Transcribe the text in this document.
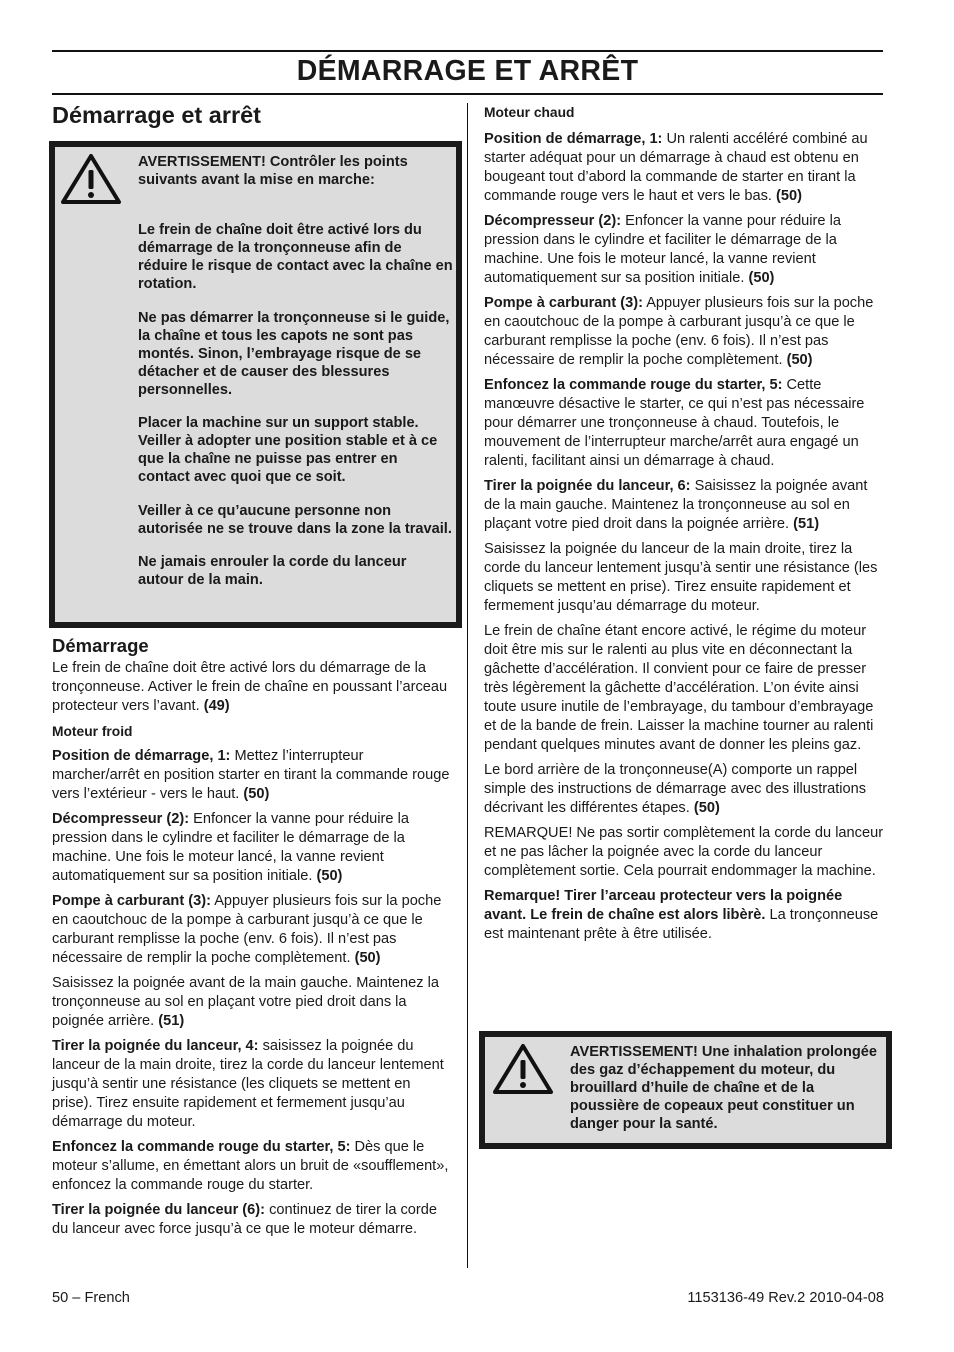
DÉMARRAGE ET ARRÊT
Démarrage et arrêt

AVERTISSEMENT! Contrôler les points suivants avant la mise en marche:

Le frein de chaîne doit être activé lors du démarrage de la tronçonneuse afin de réduire le risque de contact avec la chaîne en rotation.

Ne pas démarrer la tronçonneuse si le guide, la chaîne et tous les capots ne sont pas montés. Sinon, l’embrayage risque de se détacher et de causer des blessures personnelles.

Placer la machine sur un support stable. Veiller à adopter une position stable et à ce que la chaîne ne puisse pas entrer en contact avec quoi que ce soit.

Veiller à ce qu’aucune personne non autorisée ne se trouve dans la zone la travail.

Ne jamais enrouler la corde du lanceur autour de la main.

Démarrage

Le frein de chaîne doit être activé lors du démarrage de la tronçonneuse. Activer le frein de chaîne en poussant l’arceau protecteur vers l’avant. (49)

Moteur froid

Position de démarrage, 1: Mettez l’interrupteur marcher/arrêt en position starter en tirant la commande rouge vers l’extérieur - vers le haut. (50)

Décompresseur (2): Enfoncer la vanne pour réduire la pression dans le cylindre et faciliter le démarrage de la machine. Une fois le moteur lancé, la vanne revient automatiquement sur sa position initiale. (50)

Pompe à carburant (3): Appuyer plusieurs fois sur la poche en caoutchouc de la pompe à carburant jusqu’à ce que le carburant remplisse la poche (env. 6 fois). Il n’est pas nécessaire de remplir la poche complètement. (50)

Saisissez la poignée avant de la main gauche. Maintenez la tronçonneuse au sol en plaçant votre pied droit dans la poignée arrière. (51)

Tirer la poignée du lanceur, 4: saisissez la poignée du lanceur de la main droite, tirez la corde du lanceur lentement jusqu’à sentir une résistance (les cliquets se mettent en prise). Tirez ensuite rapidement et fermement jusqu’au démarrage du moteur.

Enfoncez la commande rouge du starter, 5: Dès que le moteur s’allume, en émettant alors un bruit de «soufflement», enfoncez la commande rouge du starter.

Tirer la poignée du lanceur (6): continuez de tirer la corde du lanceur avec force jusqu’à ce que le moteur démarre.

Moteur chaud

Position de démarrage, 1: Un ralenti accéléré combiné au starter adéquat pour un démarrage à chaud est obtenu en bougeant tout d’abord la commande de starter en tirant la commande rouge vers le haut et vers le bas. (50)

Décompresseur (2): Enfoncer la vanne pour réduire la pression dans le cylindre et faciliter le démarrage de la machine. Une fois le moteur lancé, la vanne revient automatiquement sur sa position initiale. (50)

Pompe à carburant (3): Appuyer plusieurs fois sur la poche en caoutchouc de la pompe à carburant jusqu’à ce que le carburant remplisse la poche (env. 6 fois). Il n’est pas nécessaire de remplir la poche complètement. (50)

Enfoncez la commande rouge du starter, 5: Cette manœuvre désactive le starter, ce qui n’est pas nécessaire pour démarrer une tronçonneuse à chaud. Toutefois, le mouvement de l’interrupteur marche/arrêt aura engagé un ralenti, facilitant ainsi un démarrage à chaud.

Tirer la poignée du lanceur, 6: Saisissez la poignée avant de la main gauche. Maintenez la tronçonneuse au sol en plaçant votre pied droit dans la poignée arrière. (51)

Saisissez la poignée du lanceur de la main droite, tirez la corde du lanceur lentement jusqu’à sentir une résistance (les cliquets se mettent en prise). Tirez ensuite rapidement et fermement jusqu’au démarrage du moteur.

Le frein de chaîne étant encore activé, le régime du moteur doit être mis sur le ralenti au plus vite en déconnectant la gâchette d’accélération. Il convient pour ce faire de presser très légèrement la gâchette d’accélération. L’on évite ainsi toute usure inutile de l’embrayage, du tambour d’embrayage et de la bande de frein. Laisser la machine tourner au ralenti pendant quelques minutes avant de donner les pleins gaz.

Le bord arrière de la tronçonneuse(A) comporte un rappel simple des instructions de démarrage avec des illustrations décrivant les différentes étapes. (50)

REMARQUE! Ne pas sortir complètement la corde du lanceur et ne pas lâcher la poignée avec la corde du lanceur complètement sortie. Cela pourrait endommager la machine.

Remarque! Tirer l’arceau protecteur vers la poignée avant. Le frein de chaîne est alors libèrè. La tronçonneuse est maintenant prête à être utilisée.

AVERTISSEMENT! Une inhalation prolongée des gaz d’échappement du moteur, du brouillard d’huile de chaîne et de la poussière de copeaux peut constituer un danger pour la santé.
50 – French	1153136-49 Rev.2 2010-04-08
